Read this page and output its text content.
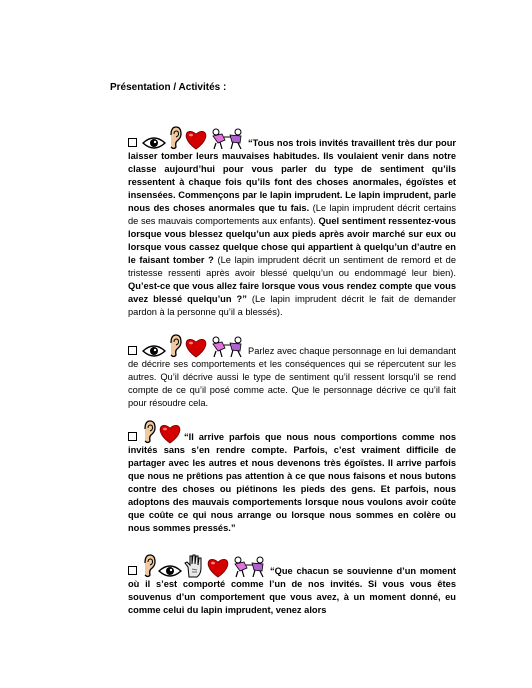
Présentation / Activités :

“Tous nos trois invités travaillent très dur pour laisser tomber leurs mauvaises habitudes. Ils voulaient venir dans notre classe aujourd’hui pour vous parler du type de sentiment qu’ils ressentent à chaque fois qu’ils font des choses anormales, égoïstes et insensées. Commençons par le lapin imprudent. Le lapin imprudent, parle nous des choses anormales que tu fais. (Le lapin imprudent décrit certains de ses mauvais comportements aux enfants). Quel sentiment ressentez-vous lorsque vous blessez quelqu’un aux pieds après avoir marché sur eux ou lorsque vous cassez quelque chose qui appartient à quelqu’un d’autre en le faisant tomber ? (Le lapin imprudent décrit un sentiment de remord et de tristesse ressenti après avoir blessé quelqu’un ou endommagé leur bien). Qu’est-ce que vous allez faire lorsque vous vous rendez compte que vous avez blessé quelqu’un ?” (Le lapin imprudent décrit le fait de demander pardon à la personne qu’il a blessés).

Parlez avec chaque personnage en lui demandant de décrire ses comportements et les conséquences qui se répercutent sur les autres. Qu’il décrive aussi le type de sentiment qu’il ressent lorsqu’il se rend compte de ce qu’il posé comme acte. Que le personnage décrive ce qu’il fait pour résoudre cela.

“Il arrive parfois que nous nous comportions comme nos invités sans s’en rendre compte. Parfois, c’est vraiment difficile de partager avec les autres et nous devenons très égoïstes. Il arrive parfois que nous ne prêtions pas attention à ce que nous faisons et nous butons contre des choses ou piétinons les pieds des gens. Et parfois, nous adoptons des mauvais comportements lorsque nous voulons avoir coûte que coûte ce qui nous arrange ou lorsque nous sommes en colère ou nous sommes pressés.”

“Que chacun se souvienne d’un moment où il s’est comporté comme l’un de nos invités. Si vous vous êtes souvenus d’un comportement que vous avez, à un moment donné, eu comme celui du lapin imprudent, venez alors
